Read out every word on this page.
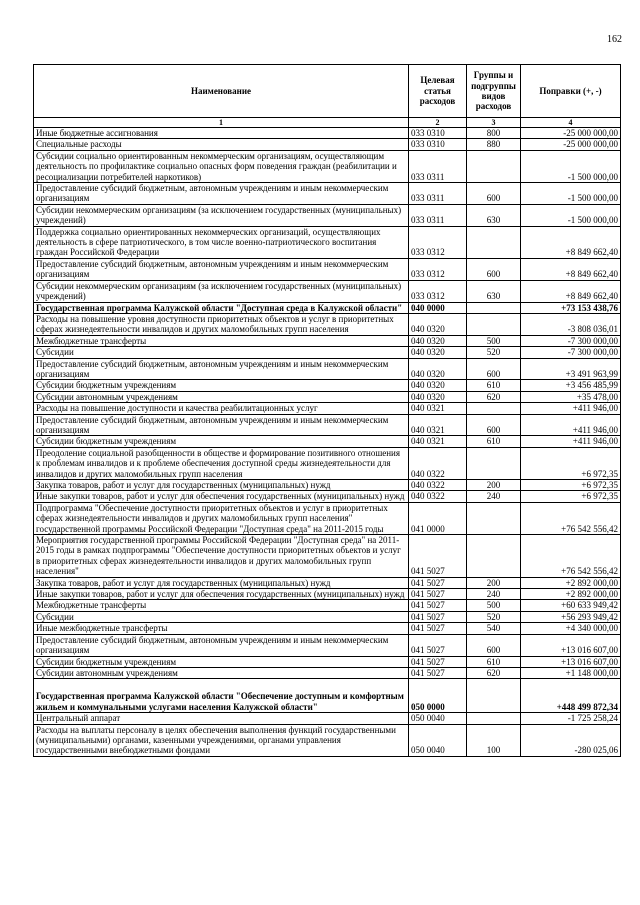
162
Наименование	Целевая статья расходов	Группы и подгруппы видов расходов	Поправки (+, -)
1	2	3	4
Иные бюджетные ассигнования	033 0310	800	-25 000 000,00
Специальные расходы	033 0310	880	-25 000 000,00
Субсидии социально ориентированным некоммерческим организациям, осуществляющим деятельность по профилактике социально опасных форм поведения граждан (реабилитации и ресоциализации потребителей наркотиков)	033 0311		-1 500 000,00
Предоставление субсидий бюджетным, автономным учреждениям и иным некоммерческим организациям	033 0311	600	-1 500 000,00
Субсидии некоммерческим организациям (за исключением государственных (муниципальных) учреждений)	033 0311	630	-1 500 000,00
Поддержка социально ориентированных некоммерческих организаций, осуществляющих деятельность в сфере патриотического, в том числе военно-патриотического воспитания граждан Российской Федерации	033 0312		+8 849 662,40
Предоставление субсидий бюджетным, автономным учреждениям и иным некоммерческим организациям	033 0312	600	+8 849 662,40
Субсидии некоммерческим организациям (за исключением государственных (муниципальных) учреждений)	033 0312	630	+8 849 662,40
Государственная программа Калужской области "Доступная среда в Калужской области"	040 0000		+73 153 438,76
Расходы на повышение уровня доступности приоритетных объектов и услуг в приоритетных сферах жизнедеятельности инвалидов и других маломобильных групп населения	040 0320		-3 808 036,01
Межбюджетные трансферты	040 0320	500	-7 300 000,00
Субсидии	040 0320	520	-7 300 000,00
Предоставление субсидий бюджетным, автономным учреждениям и иным некоммерческим организациям	040 0320	600	+3 491 963,99
Субсидии бюджетным учреждениям	040 0320	610	+3 456 485,99
Субсидии автономным учреждениям	040 0320	620	+35 478,00
Расходы на повышение доступности и качества реабилитационных услуг	040 0321		+411 946,00
Предоставление субсидий бюджетным, автономным учреждениям и иным некоммерческим организациям	040 0321	600	+411 946,00
Субсидии бюджетным учреждениям	040 0321	610	+411 946,00
Преодоление социальной разобщенности в обществе и формирование позитивного отношения к проблемам инвалидов и к проблеме обеспечения доступной среды жизнедеятельности для инвалидов и других маломобильных групп населения	040 0322		+6 972,35
Закупка товаров, работ и услуг для государственных (муниципальных) нужд	040 0322	200	+6 972,35
Иные закупки товаров, работ и услуг для обеспечения государственных (муниципальных) нужд	040 0322	240	+6 972,35
Подпрограмма "Обеспечение доступности приоритетных объектов и услуг в приоритетных сферах жизнедеятельности инвалидов и других маломобильных групп населения" государственной программы Российской Федерации "Доступная среда" на 2011-2015 годы	041 0000		+76 542 556,42
Мероприятия государственной программы Российской Федерации "Доступная среда" на 2011-2015 годы в рамках подпрограммы "Обеспечение доступности приоритетных объектов и услуг в приоритетных сферах жизнедеятельности инвалидов и других маломобильных групп населения"	041 5027		+76 542 556,42
Закупка товаров, работ и услуг для государственных (муниципальных) нужд	041 5027	200	+2 892 000,00
Иные закупки товаров, работ и услуг для обеспечения государственных (муниципальных) нужд	041 5027	240	+2 892 000,00
Межбюджетные трансферты	041 5027	500	+60 633 949,42
Субсидии	041 5027	520	+56 293 949,42
Иные межбюджетные трансферты	041 5027	540	+4 340 000,00
Предоставление субсидий бюджетным, автономным учреждениям и иным некоммерческим организациям	041 5027	600	+13 016 607,00
Субсидии бюджетным учреждениям	041 5027	610	+13 016 607,00
Субсидии автономным учреждениям	041 5027	620	+1 148 000,00
Государственная программа Калужской области "Обеспечение доступным и комфортным жильем и коммунальными услугами населения Калужской области"	050 0000		+448 499 872,34
Центральный аппарат	050 0040		-1 725 258,24
Расходы на выплаты персоналу в целях обеспечения выполнения функций государственными (муниципальными) органами, казенными учреждениями, органами управления государственными внебюджетными фондами	050 0040	100	-280 025,06
